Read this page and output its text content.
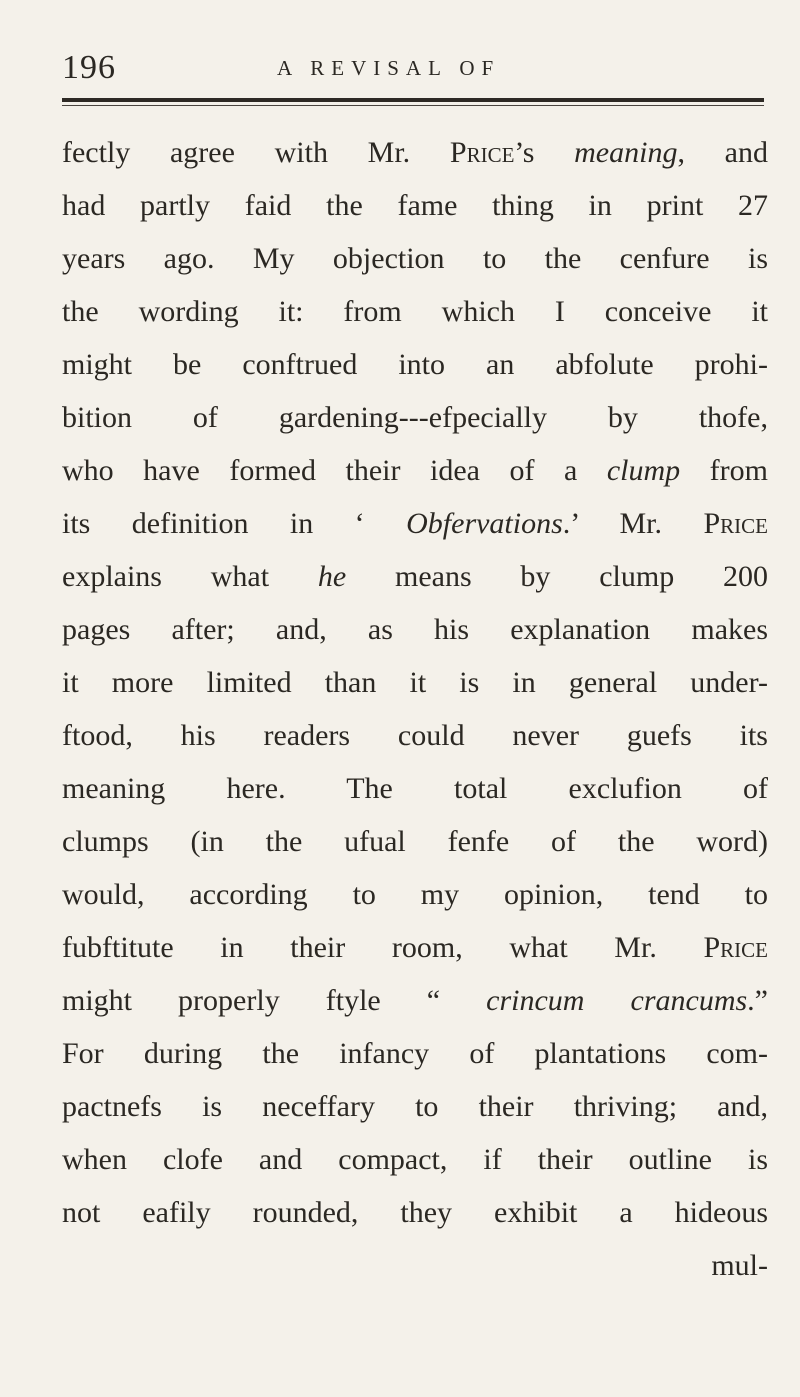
196	A REVISAL OF
fectly agree with Mr. Price’s meaning, and
had partly faid the fame thing in print 27
years ago. My objection to the cenfure is
the wording it: from which I conceive it
might be conftrued into an abfolute prohi-
bition of gardening---efpecially by thofe,
who have formed their idea of a clump from
its definition in ‘ Obfervations.’ Mr. Price
explains what he means by clump 200
pages after; and, as his explanation makes
it more limited than it is in general under-
ftood, his readers could never guefs its
meaning here. The total exclufion of
clumps (in the ufual fenfe of the word)
would, according to my opinion, tend to
fubftitute in their room, what Mr. Price
might properly ftyle “ crincum crancums.”
For during the infancy of plantations com-
pactnefs is neceffary to their thriving; and,
when clofe and compact, if their outline is
not eafily rounded, they exhibit a hideous
mul-
